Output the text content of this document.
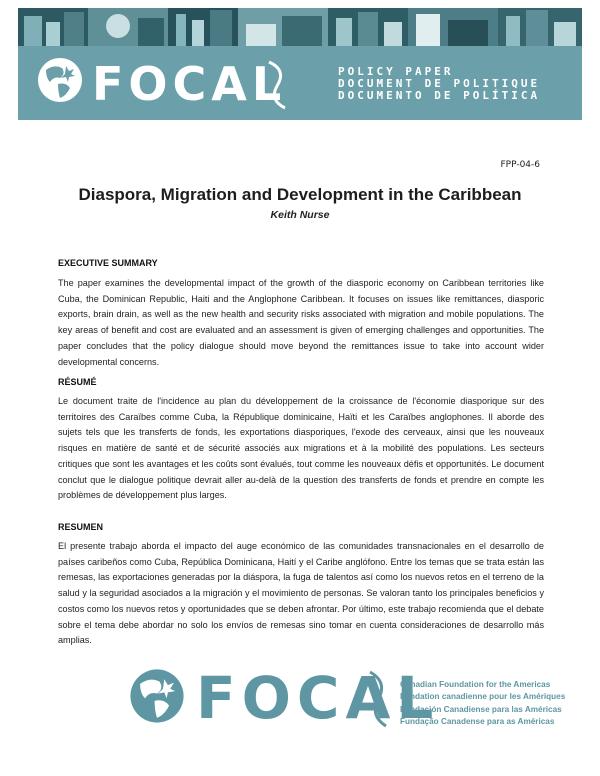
FOCAL	POLICY PAPER
DOCUMENT DE POLITIQUE
DOCUMENTO DE POLÍTICA
FPP-04-6
Diaspora, Migration and Development in the Caribbean
Keith Nurse
EXECUTIVE SUMMARY
The paper examines the developmental impact of the growth of the diasporic economy on Caribbean territories like Cuba, the Dominican Republic, Haiti and the Anglophone Caribbean. It focuses on issues like remittances, diasporic exports, brain drain, as well as the new health and security risks associated with migration and mobile populations. The key areas of benefit and cost are evaluated and an assessment is given of emerging challenges and opportunities. The paper concludes that the policy dialogue should move beyond the remittances issue to take into account wider developmental concerns.
RÉSUMÉ
Le document traite de l'incidence au plan du développement de la croissance de l'économie diasporique sur des territoires des Caraïbes comme Cuba, la République dominicaine, Haïti et les Caraïbes anglophones. Il aborde des sujets tels que les transferts de fonds, les exportations diasporiques, l'exode des cerveaux, ainsi que les nouveaux risques en matière de santé et de sécurité associés aux migrations et à la mobilité des populations. Les secteurs critiques que sont les avantages et les coûts sont évalués, tout comme les nouveaux défis et opportunités. Le document conclut que le dialogue politique devrait aller au-delà de la question des transferts de fonds et prendre en compte les problèmes de développement plus larges.
RESUMEN
El presente trabajo aborda el impacto del auge económico de las comunidades transnacionales en el desarrollo de países caribeños como Cuba, República Dominicana, Haití y el Caribe anglófono. Entre los temas que se trata están las remesas, las exportaciones generadas por la diáspora, la fuga de talentos así como los nuevos retos en el terreno de la salud y la seguridad asociados a la migración y el movimiento de personas. Se valoran tanto los principales beneficios y costos como los nuevos retos y oportunidades que se deben afrontar. Por último, este trabajo recomienda que el debate sobre el tema debe abordar no solo los envíos de remesas sino tomar en cuenta consideraciones de desarrollo más amplias.
FOCAL
Canadian Foundation for the Americas
Fondation canadienne pour les Amériques
Fundación Canadiense para las Américas
Fundação Canadense para as Américas
